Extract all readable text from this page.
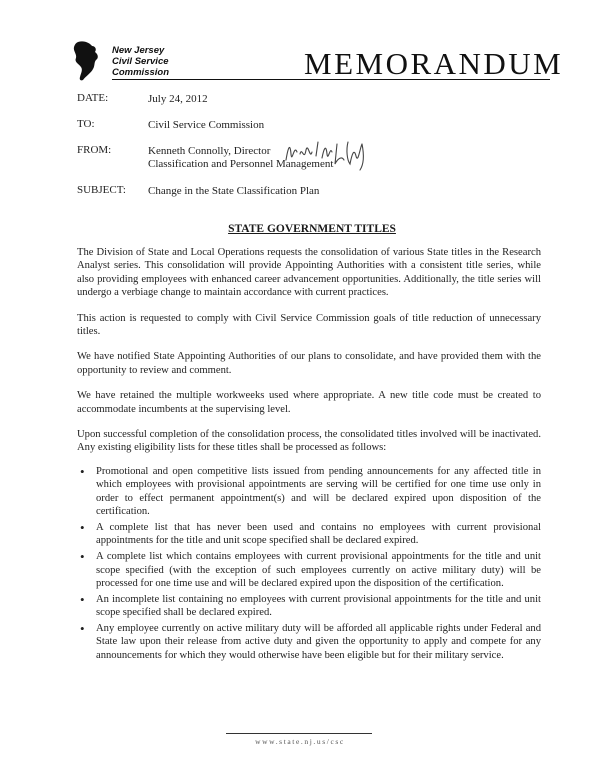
New Jersey
Civil Service
Commission	MEMORANDUM
DATE:	July 24, 2012
TO:	Civil Service Commission
FROM:	Kenneth Connolly, Director
Classification and Personnel Management
SUBJECT: Change in the State Classification Plan
STATE GOVERNMENT TITLES

The Division of State and Local Operations requests the consolidation of various State titles in the Research Analyst series. This consolidation will provide Appointing Authorities with a consistent title series, while also providing employees with enhanced career advancement opportunities. Additionally, the title series will undergo a verbiage change to maintain accordance with current practices.

This action is requested to comply with Civil Service Commission goals of title reduction of unnecessary titles.

We have notified State Appointing Authorities of our plans to consolidate, and have provided them with the opportunity to review and comment.

We have retained the multiple workweeks used where appropriate. A new title code must be created to accommodate incumbents at the supervising level.

Upon successful completion of the consolidation process, the consolidated titles involved will be inactivated. Any existing eligibility lists for these titles shall be processed as follows:

• Promotional and open competitive lists issued from pending announcements for any affected title in which employees with provisional appointments are serving will be certified for one time use only in order to effect permanent appointment(s) and will be declared expired upon disposition of the certification.
• A complete list that has never been used and contains no employees with current provisional appointments for the title and unit scope specified shall be declared expired.
• A complete list which contains employees with current provisional appointments for the title and unit scope specified (with the exception of such employees currently on active military duty) will be processed for one time use and will be declared expired upon the disposition of the certification.
• An incomplete list containing no employees with current provisional appointments for the title and unit scope specified shall be declared expired.
• Any employee currently on active military duty will be afforded all applicable rights under Federal and State law upon their release from active duty and given the opportunity to apply and compete for any announcements for which they would otherwise have been eligible but for their military service.
www.state.nj.us/csc
